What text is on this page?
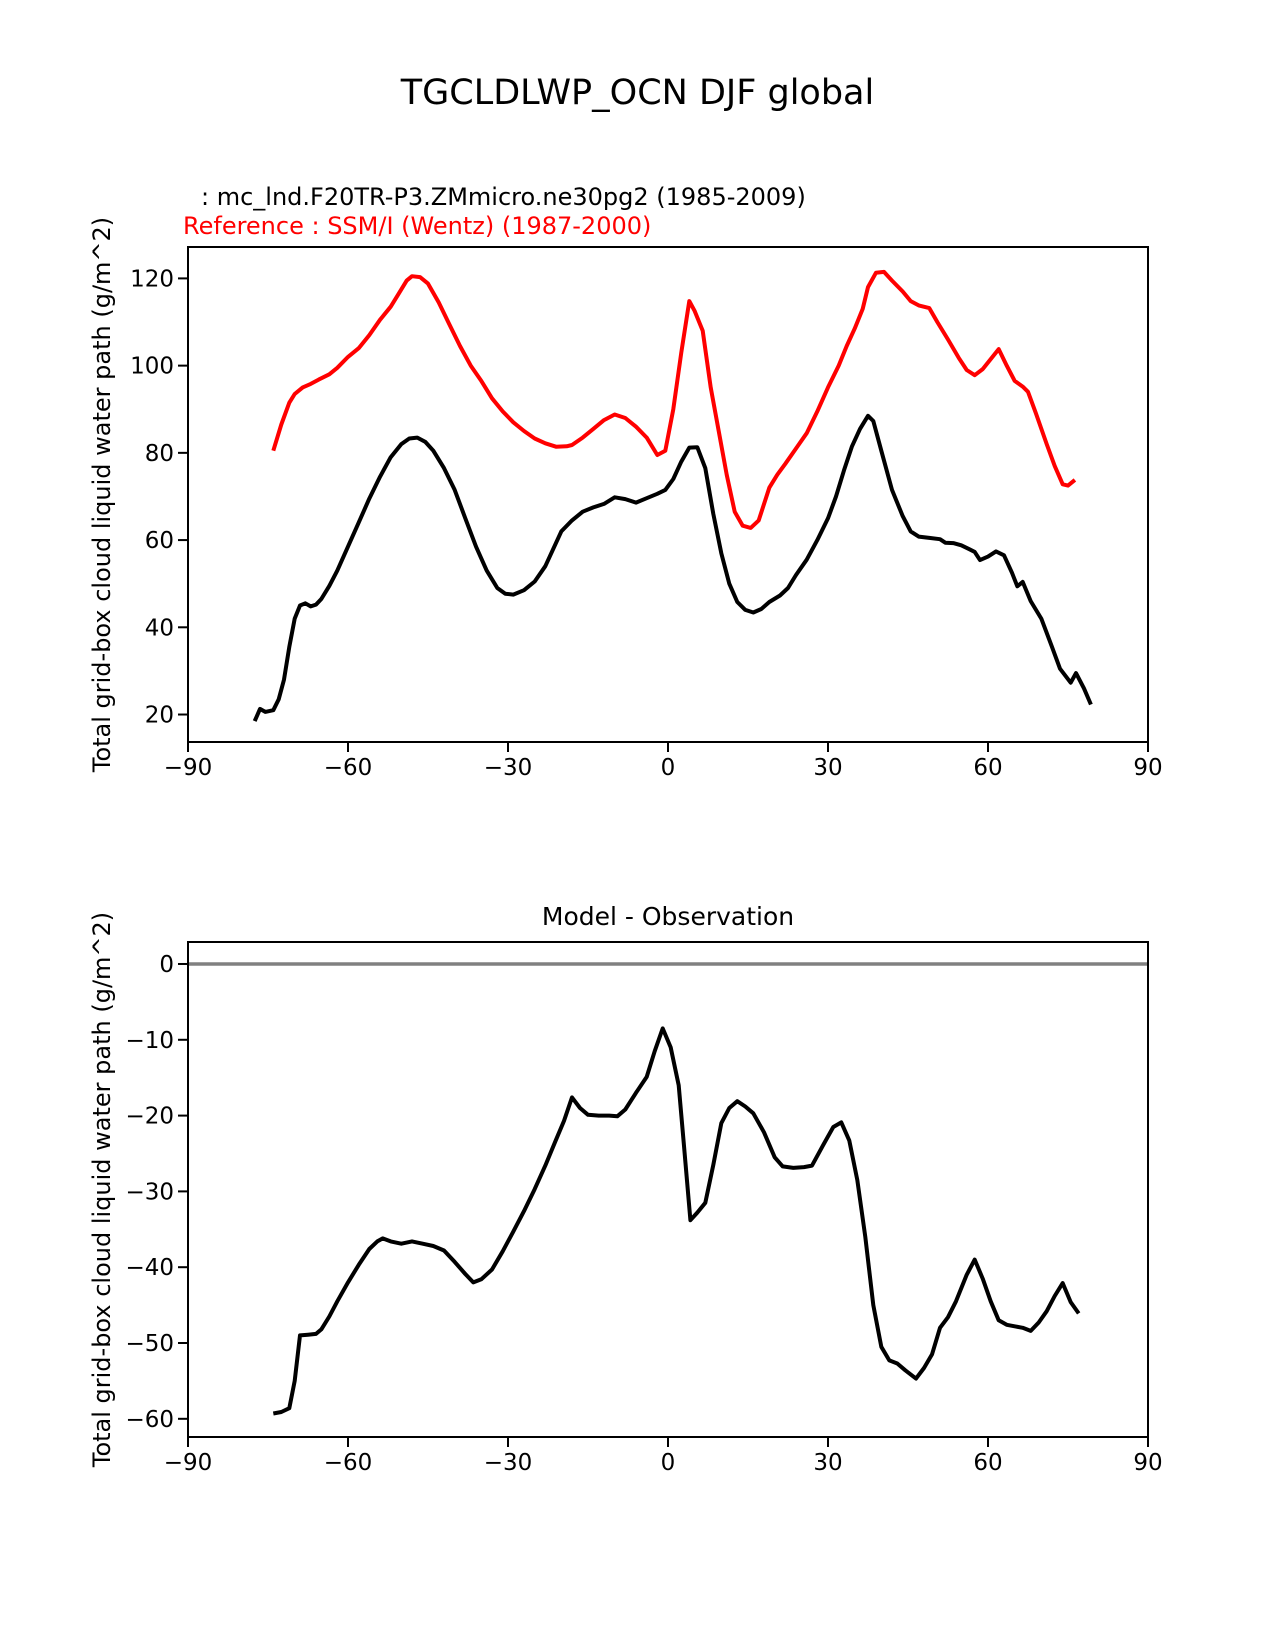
TGCLDLWP_OCN DJF global
: mc_lnd.F20TR-P3.ZMmicro.ne30pg2 (1985-2009)
Reference : SSM/I (Wentz) (1987-2000)
Model - Observation
Total grid-box cloud liquid water path (g/m^2)
Total grid-box cloud liquid water path (g/m^2)
−90	−60	−30	0	30	60	90
20
40
60
80
100
120
−90	−60	−30	0	30	60	90
0
−10
−20
−30
−40
−50
−60
